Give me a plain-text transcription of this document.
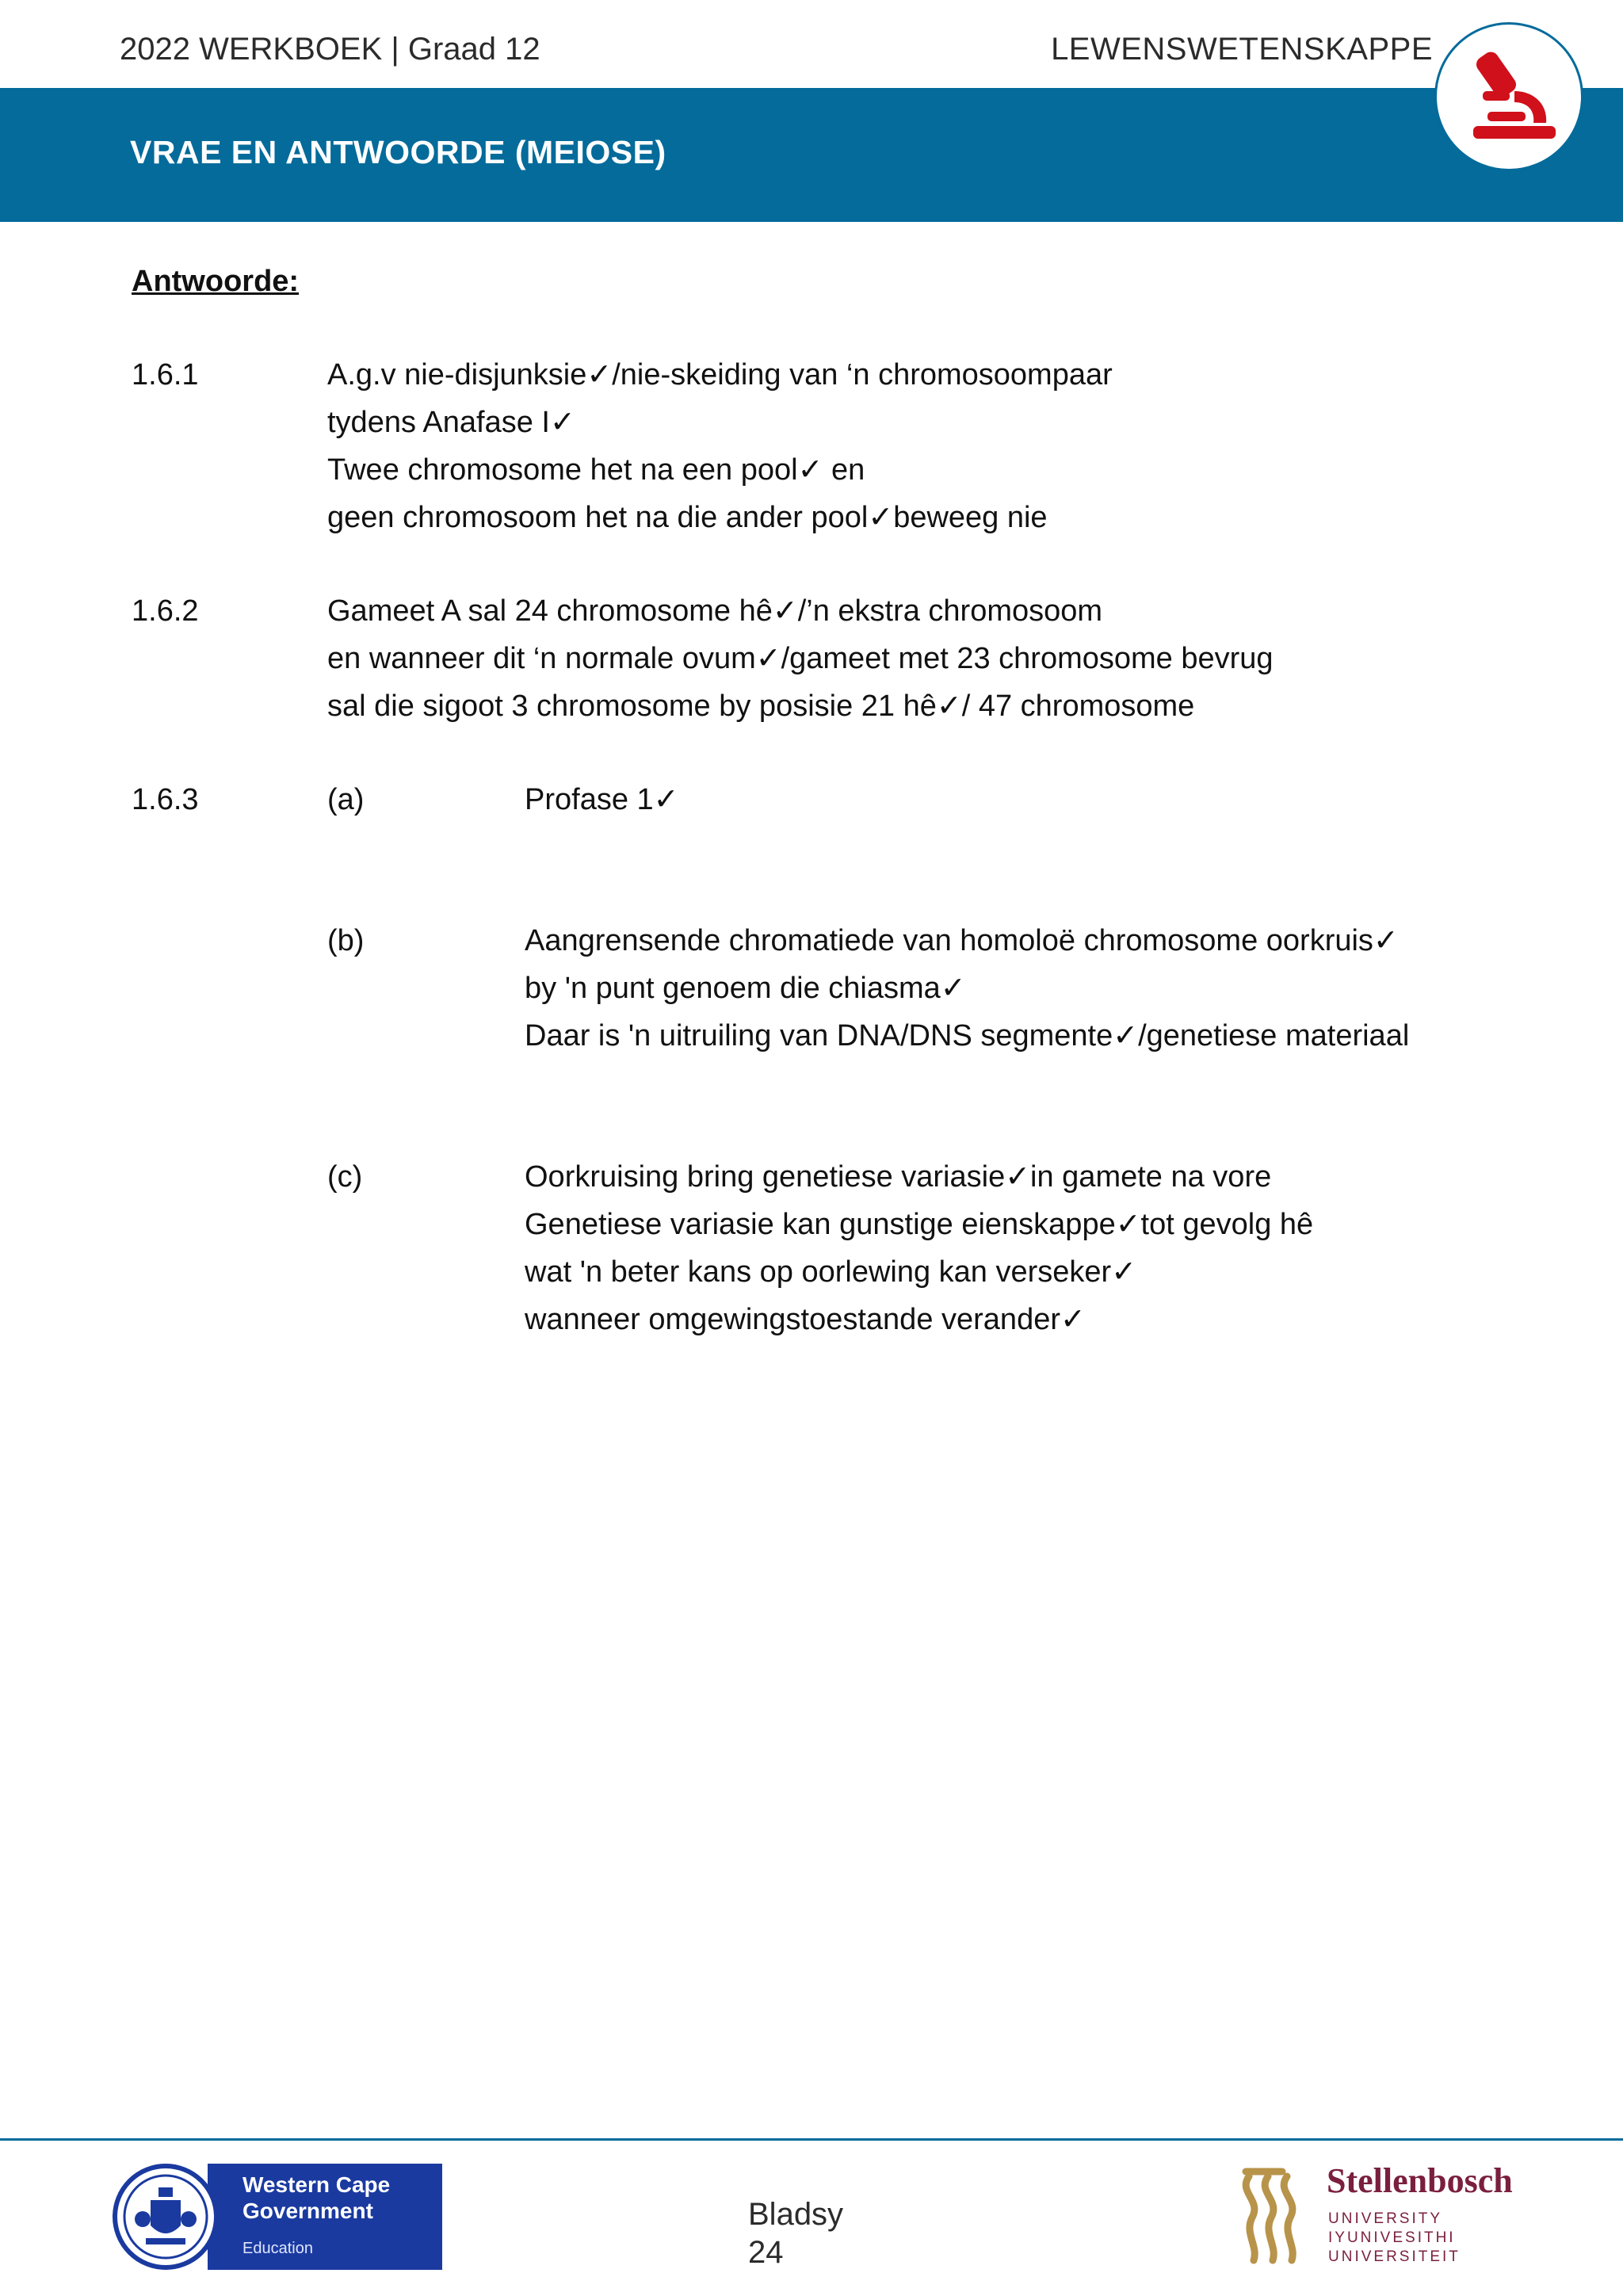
2022 WERKBOEK | Graad 12	LEWENSWETENSKAPPE
VRAE EN ANTWOORDE (MEIOSE)
Antwoorde:
1.6.1	A.g.v nie-disjunksie✓/nie-skeiding van ‘n chromosoompaar
tydens Anafase I✓
Twee chromosome het na een pool✓ en
geen chromosoom het na die ander pool✓beweeg nie
1.6.2	Gameet A sal 24 chromosome hê✓/’n ekstra chromosoom
en wanneer dit ‘n normale ovum✓/gameet met 23 chromosome bevrug
sal die sigoot 3 chromosome by posisie 21 hê✓/ 47 chromosome
1.6.3	(a)	Profase 1✓
(b)	Aangrensende chromatiede van homoloë chromosome oorkruis✓
by 'n punt genoem die chiasma✓
Daar is 'n uitruiling van DNA/DNS segmente✓/genetiese materiaal
(c)	Oorkruising bring genetiese variasie✓in gamete na vore
Genetiese variasie kan gunstige eienskappe✓tot gevolg hê
wat 'n beter kans op oorlewing kan verseker✓
wanneer omgewingstoestande verander✓
Western Cape Government
Education
Bladsy 24
Stellenbosch
UNIVERSITY
IYUNIVESITHI
UNIVERSITEIT
